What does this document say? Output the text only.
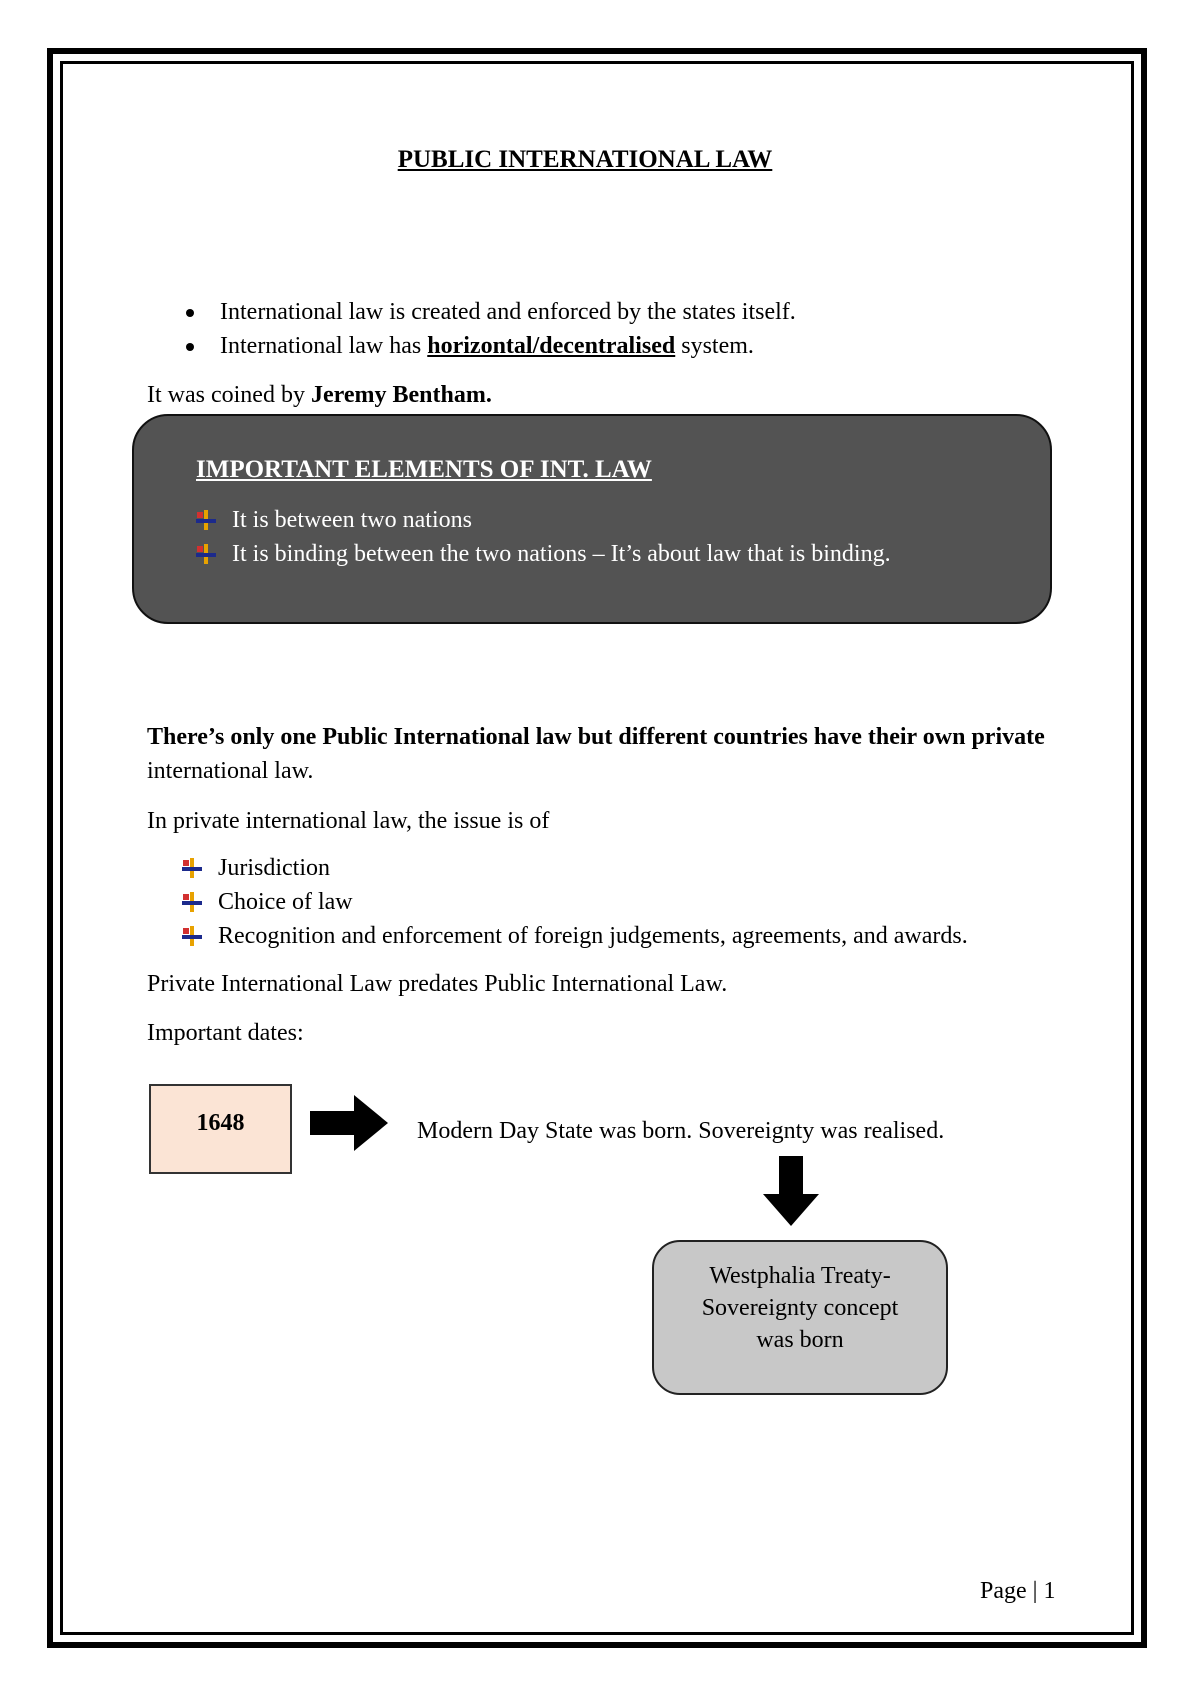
PUBLIC INTERNATIONAL LAW
International law is created and enforced by the states itself.
International law has horizontal/decentralised system.

It was coined by Jeremy Bentham.

IMPORTANT ELEMENTS OF INT. LAW
It is between two nations
It is binding between the two nations – It’s about law that is binding.

There’s only one Public International law but different countries have their own private

international law.

In private international law, the issue is of

Jurisdiction
Choice of law
Recognition and enforcement of foreign judgements, agreements, and awards.

Private International Law predates Public International Law.

Important dates:

1648	Modern Day State was born. Sovereignty was realised.
Westphalia Treaty-
Sovereignty concept
was born
Page | 1
